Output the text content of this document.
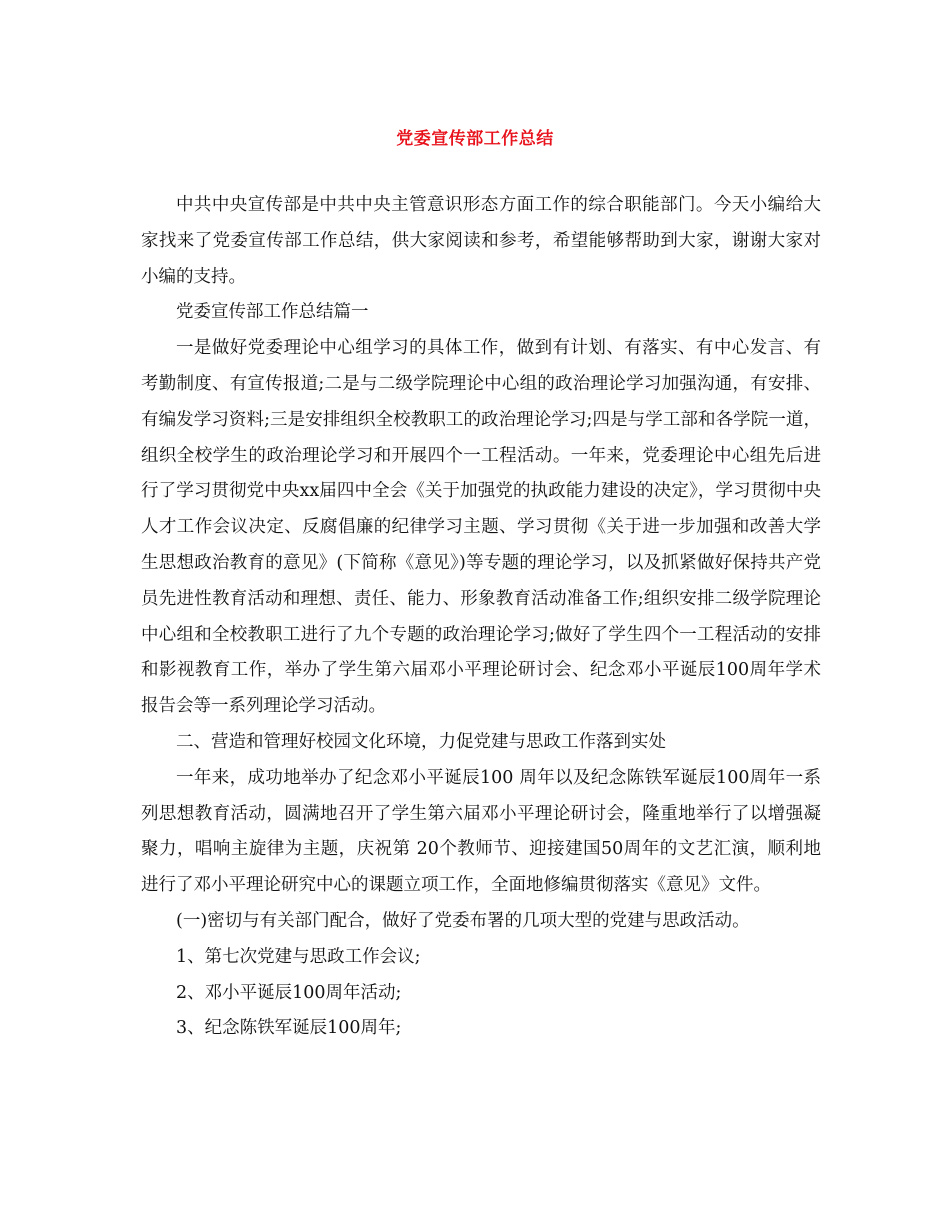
党委宣传部工作总结

中共中央宣传部是中共中央主管意识形态方面工作的综合职能部门。今天小编给大家找来了党委宣传部工作总结，供大家阅读和参考，希望能够帮助到大家，谢谢大家对小编的支持。

党委宣传部工作总结篇一

一是做好党委理论中心组学习的具体工作，做到有计划、有落实、有中心发言、有考勤制度、有宣传报道;二是与二级学院理论中心组的政治理论学习加强沟通，有安排、有编发学习资料;三是安排组织全校教职工的政治理论学习;四是与学工部和各学院一道，组织全校学生的政治理论学习和开展四个一工程活动。一年来，党委理论中心组先后进行了学习贯彻党中央xx届四中全会《关于加强党的执政能力建设的决定》，学习贯彻中央人才工作会议决定、反腐倡廉的纪律学习主题、学习贯彻《关于进一步加强和改善大学生思想政治教育的意见》(下简称《意见》)等专题的理论学习，以及抓紧做好保持共产党员先进性教育活动和理想、责任、能力、形象教育活动准备工作;组织安排二级学院理论中心组和全校教职工进行了九个专题的政治理论学习;做好了学生四个一工程活动的安排和影视教育工作，举办了学生第六届邓小平理论研讨会、纪念邓小平诞辰100周年学术报告会等一系列理论学习活动。

二、营造和管理好校园文化环境，力促党建与思政工作落到实处

一年来，成功地举办了纪念邓小平诞辰100 周年以及纪念陈铁军诞辰100周年一系列思想教育活动，圆满地召开了学生第六届邓小平理论研讨会，隆重地举行了以增强凝聚力，唱响主旋律为主题，庆祝第 20个教师节、迎接建国50周年的文艺汇演，顺利地进行了邓小平理论研究中心的课题立项工作，全面地修编贯彻落实《意见》文件。

(一)密切与有关部门配合，做好了党委布署的几项大型的党建与思政活动。

1、第七次党建与思政工作会议;

2、邓小平诞辰100周年活动;

3、纪念陈铁军诞辰100周年;
